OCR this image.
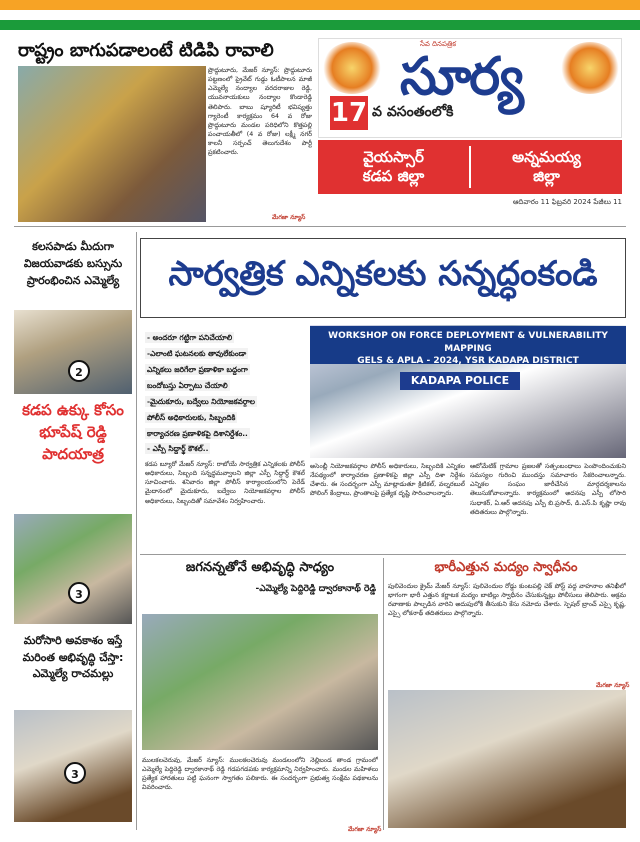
రాష్ట్రం బాగుపడాలంటే టిడిపి రావాలి
ప్రొద్దుటూరు, మేజర్ న్యూస్: ప్రొద్దుటూరు పట్టణంలో ప్రైవేట్ గుడ్డు ఓటీపాలన మాజీ ఎమ్మెల్యే నంద్యాల వరదరాజుల రెడ్డి, యువనాయకులు నంద్యాల కొండారెడ్డి తెలిపారు. బాబు ష్యూరిటీ భవిష్యత్తు గ్యారెంటీ కార్యక్రమం 64 వ రోజు ప్రొద్దుటూరు మండల పరిధిలోని కొత్తపల్లి పంచాయతీలో (4 వ రోజు) లక్ష్మీ నగర్ కాలనీ సర్పంచ్ తెలుగుదేశం పార్టీ ప్రకటించారు.
మేగజా న్యూస్
సేవ దినపత్రిక
సూర్య
17 వ వసంతంలోకి
వైయస్సార్
కడప జిల్లా
అన్నమయ్య
జిల్లా
ఆదివారం 11 ఫిబ్రవరి 2024 పేజీలు 11
కలసపాడు మీదుగా విజయవాడకు బస్సును ప్రారంభించిన ఎమ్మెల్యే
2
కడప ఉక్కు కోసం భూపేష్ రెడ్డి పాదయాత్ర
3
మరోసారి అవకాశం ఇస్తే మరింత అభివృద్ధి చేస్తా: ఎమ్మెల్యే రాచమల్లు
3
సార్వత్రిక ఎన్నికలకు సన్నద్ధంకండి
- అందరూ గట్టిగా పనిచేయాలి
-ఎలాంటి ఘటనలకు తావులేకుండా
ఎన్నికలు జరిగేలా ప్రణాళికా బద్దంగా
బందోబస్తు ఏర్పాటు చేయాలి
-మైదుకూరు, బద్వేలు నియోజకవర్గాల
పోలీస్ అధికారులకు, సిబ్బందికి
కార్యాచరణ ప్రణాళికపై దిశానిర్దేశం..
- ఎస్పీ సిద్దార్థ్ కౌశల్..
WORKSHOP ON FORCE DEPLOYMENT & VULNERABILITY MAPPING
GELS & APLA - 2024, YSR KADAPA DISTRICT
KADAPA POLICE
కడప బ్యూరో మేజర్ న్యూస్: రాబోయే సార్వత్రిక ఎన్నికలకు పోలీస్ అధికారులు, సిబ్బంది సన్నద్ధమవ్వాలని జిల్లా ఎస్పీ సిద్దార్థ్ కౌశల్ సూచించారు. శనివారం జిల్లా పోలీస్ కార్యాలయంలోని పెరేడ్ మైదానంలో మైదుకూరు, బద్వేలు నియోజకవర్గాల పోలీస్ అధికారులు, సిబ్బందితో సమావేశం నిర్వహించారు.
అసెంబ్లీ నియోజకవర్గాల పోలీస్ అధికారులు, సిబ్బందికి ఎన్నికల నేపథ్యంలో కార్యాచరణ ప్రణాళికపై జిల్లా ఎస్పీ దిశా నిర్దేశం చేశారు. ఈ సందర్భంగా ఎస్పీ మాట్లాడుతూ క్రిటికల్, వల్నరబుల్ పోలింగ్ కేంద్రాలు, ప్రాంతాలపై ప్రత్యేక దృష్టి సారించాలన్నారు.
ఆటోమేటిక్ గ్రామాల ప్రజలతో సత్సంబంధాలు పెంపొందించుకుని సమస్యల గురించి ముందస్తు సమాచారం సేకరించాలన్నారు. ఎన్నికల సంఘం జారీచేసిన మార్గదర్శకాలను తెలుసుకోవాలన్నారు. కార్యక్రమంలో అదనపు ఎస్పీ లోసారి సుధాకర్, ఏ.ఆర్ అదనపు ఎస్పీ బి.ప్రసాద్, డి.ఎస్.పి కృష్ణా రావు తదితరులు పాల్గొన్నారు.
జగనన్నతోనే అభివృద్ధి సాధ్యం
-ఎమ్మెల్యే పెద్దిరెడ్డి ద్వారకానాథ్ రెడ్డి
ములకలచెరువు, మేజర్ న్యూస్: ములకలచెరువు మండలంలోని నెల్లిబండ తాండ గ్రామంలో ఎమ్మెల్యే పెద్దిరెడ్డి ద్వారకానాథ్ రెడ్డి గడపగడపకు కార్యక్రమాన్ని నిర్వహించారు. మండల మహిళలు ప్రత్యేక హారతులు పట్టి ఘనంగా స్వాగతం పలికారు. ఈ సందర్భంగా ప్రభుత్వ సంక్షేమ పథకాలను వివరించారు.
మేగజా న్యూస్
భారీఎత్తున మద్యం స్వాధీనం
పులివెందుల క్రైమ్ మేజర్ న్యూస్: పులివెందుల రోడ్డు కుంటపల్లి చెక్ పోస్ట్ వద్ద వాహనాల తనిఖీలో భాగంగా భారీ ఎత్తున కర్ణాటక మద్యం బాటిల్లు స్వాధీనం చేసుకున్నట్లు పోలీసులు తెలిపారు. అక్రమ రవాణాకు పాల్పడిన వారిని అదుపులోకి తీసుకుని కేసు నమోదు చేశారు. స్పెషల్ బ్రాంచ్ ఎస్సై కృష్ణ, ఎస్సై లోకనాథ్ తదితరులు పాల్గొన్నారు.
మేగజా న్యూస్
